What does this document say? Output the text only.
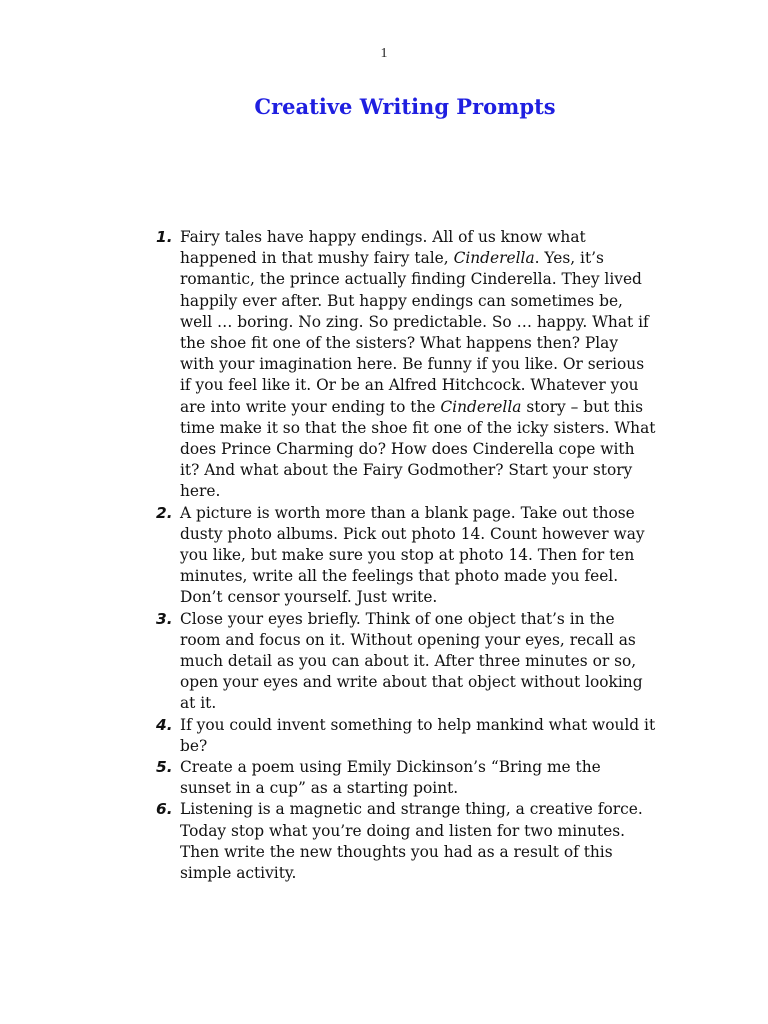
1
Creative Writing Prompts
1. Fairy tales have happy endings. All of us know what happened in that mushy fairy tale, Cinderella. Yes, it’s romantic, the prince actually finding Cinderella. They lived happily ever after. But happy endings can sometimes be, well … boring. No zing. So predictable. So … happy. What if the shoe fit one of the sisters? What happens then? Play with your imagination here. Be funny if you like. Or serious if you feel like it. Or be an Alfred Hitchcock. Whatever you are into write your ending to the Cinderella story – but this time make it so that the shoe fit one of the icky sisters. What does Prince Charming do? How does Cinderella cope with it? And what about the Fairy Godmother? Start your story here.
2. A picture is worth more than a blank page. Take out those dusty photo albums. Pick out photo 14. Count however way you like, but make sure you stop at photo 14. Then for ten minutes, write all the feelings that photo made you feel. Don’t censor yourself. Just write.
3. Close your eyes briefly. Think of one object that’s in the room and focus on it. Without opening your eyes, recall as much detail as you can about it. After three minutes or so, open your eyes and write about that object without looking at it.
4. If you could invent something to help mankind what would it be?
5. Create a poem using Emily Dickinson’s “Bring me the sunset in a cup” as a starting point.
6. Listening is a magnetic and strange thing, a creative force. Today stop what you’re doing and listen for two minutes. Then write the new thoughts you had as a result of this simple activity.
